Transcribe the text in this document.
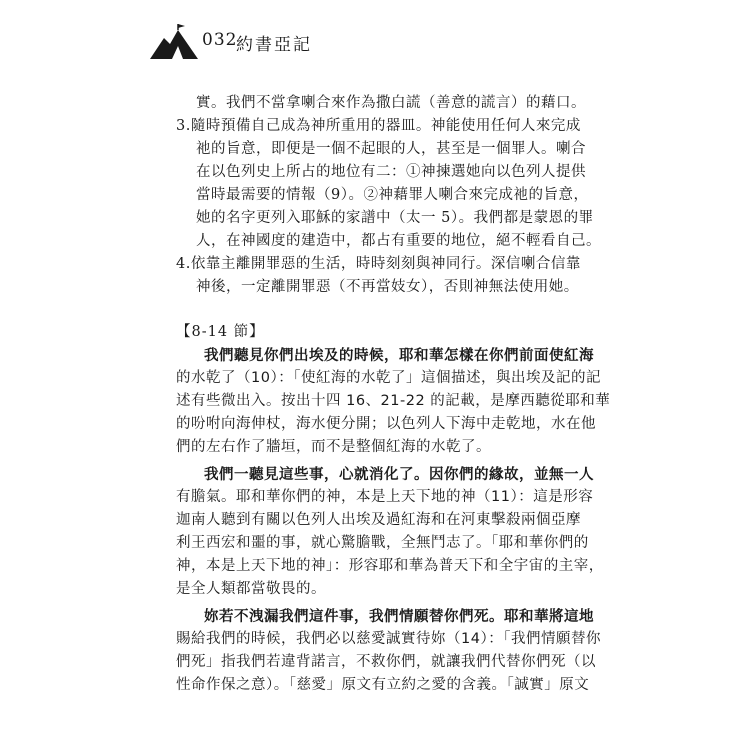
032
約書亞記
實。我們不當拿喇合來作為撒白謊（善意的謊言）的藉口。
3.隨時預備自己成為神所重用的器皿。神能使用任何人來完成
祂的旨意，即便是一個不起眼的人，甚至是一個罪人。喇合
在以色列史上所占的地位有二：①神揀選她向以色列人提供
當時最需要的情報（9）。②神藉罪人喇合來完成祂的旨意，
她的名字更列入耶穌的家譜中（太一 5）。我們都是蒙恩的罪
人，在神國度的建造中，都占有重要的地位，絕不輕看自己。
4.依靠主離開罪惡的生活，時時刻刻與神同行。深信喇合信靠
神後，一定離開罪惡（不再當妓女），否則神無法使用她。
【8-14 節】
我們聽見你們出埃及的時候，耶和華怎樣在你們前面使紅海
的水乾了（10）：「使紅海的水乾了」這個描述，與出埃及記的記
述有些微出入。按出十四 16、21-22 的記載，是摩西聽從耶和華
的吩咐向海伸杖，海水便分開；以色列人下海中走乾地，水在他
們的左右作了牆垣，而不是整個紅海的水乾了。
我們一聽見這些事，心就消化了。因你們的緣故，並無一人
有膽氣。耶和華你們的神，本是上天下地的神（11）：這是形容
迦南人聽到有關以色列人出埃及過紅海和在河東擊殺兩個亞摩
利王西宏和噩的事，就心驚膽戰，全無鬥志了。「耶和華你們的
神，本是上天下地的神」：形容耶和華為普天下和全宇宙的主宰，
是全人類都當敬畏的。
妳若不洩漏我們這件事，我們情願替你們死。耶和華將這地
賜給我們的時候，我們必以慈愛誠實待妳（14）：「我們情願替你
們死」指我們若違背諾言，不救你們，就讓我們代替你們死（以
性命作保之意）。「慈愛」原文有立約之愛的含義。「誠實」原文
